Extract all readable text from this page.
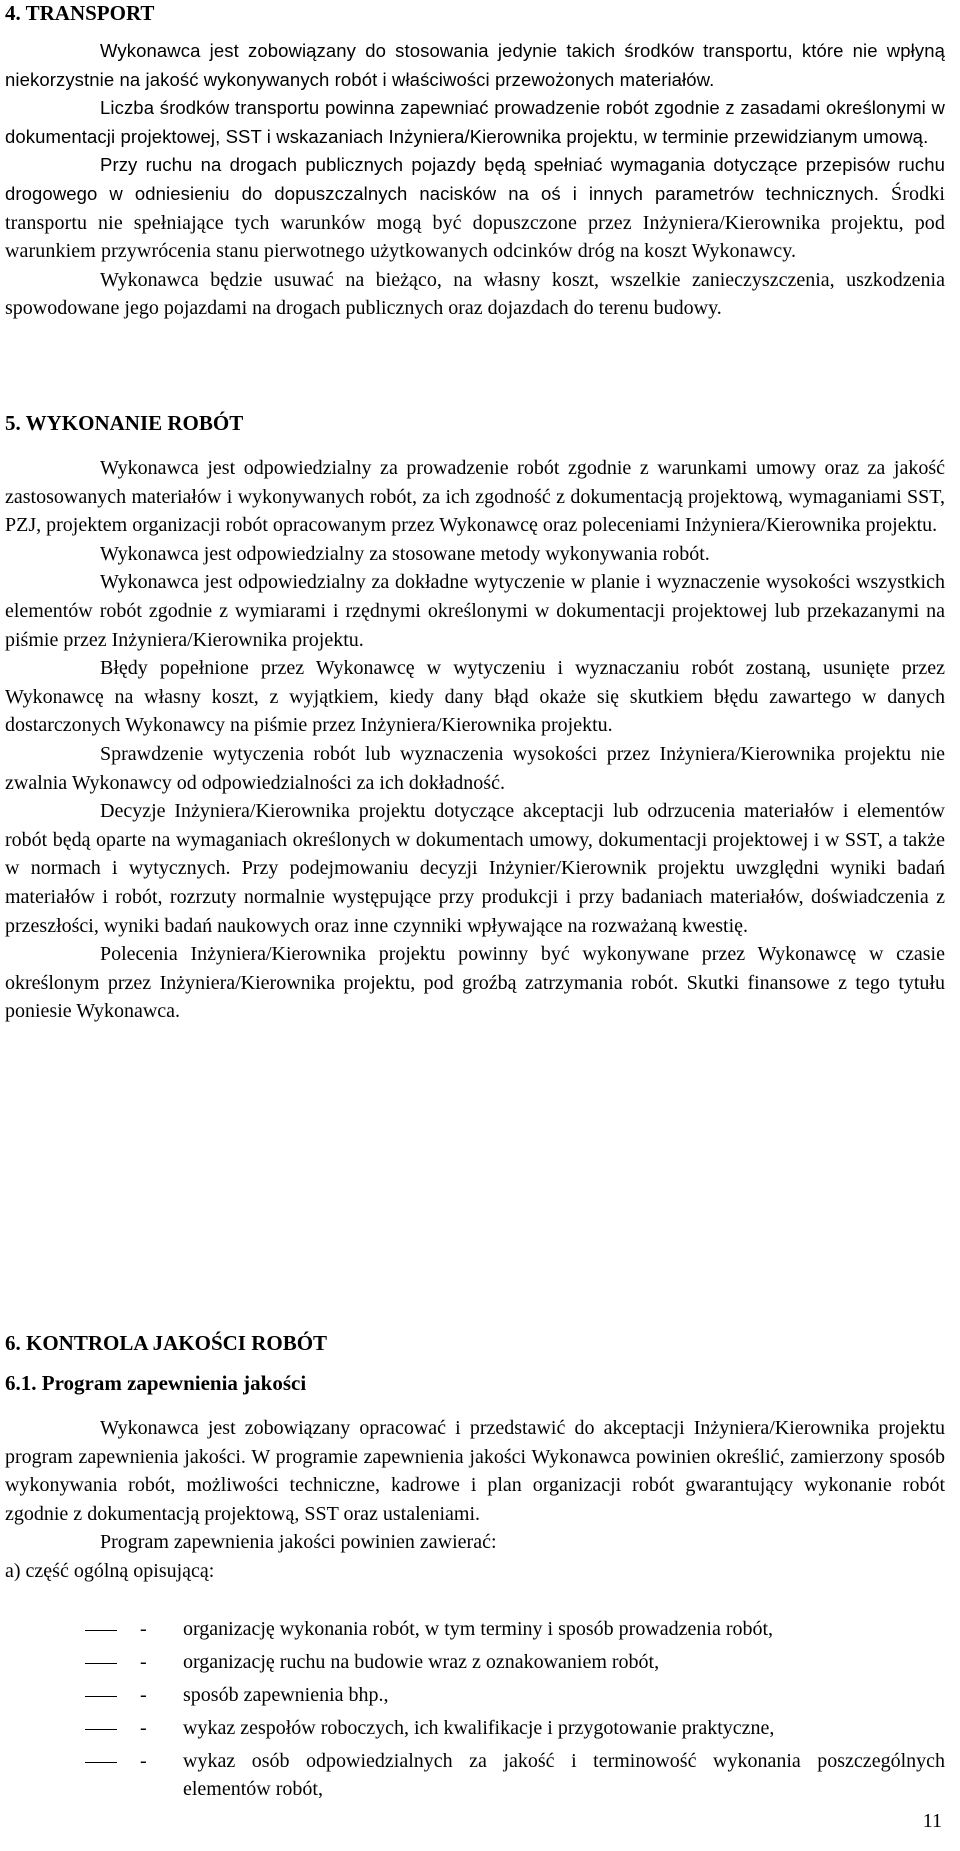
4. TRANSPORT

Wykonawca jest zobowiązany do stosowania jedynie takich środków transportu, które nie wpłyną niekorzystnie na jakość wykonywanych robót i właściwości przewożonych materiałów.

Liczba środków transportu powinna zapewniać prowadzenie robót zgodnie z zasadami określonymi w dokumentacji projektowej, SST i wskazaniach Inżyniera/Kierownika projektu, w terminie przewidzianym umową.

Przy ruchu na drogach publicznych pojazdy będą spełniać wymagania dotyczące przepisów ruchu drogowego w odniesieniu do dopuszczalnych nacisków na oś i innych parametrów technicznych. Środki transportu nie spełniające tych warunków mogą być dopuszczone przez Inżyniera/Kierownika projektu, pod warunkiem przywrócenia stanu pierwotnego użytkowanych odcinków dróg na koszt Wykonawcy.

Wykonawca będzie usuwać na bieżąco, na własny koszt, wszelkie zanieczyszczenia, uszkodzenia spowodowane jego pojazdami na drogach publicznych oraz dojazdach do terenu budowy.

5. WYKONANIE ROBÓT

Wykonawca jest odpowiedzialny za prowadzenie robót zgodnie z warunkami umowy oraz za jakość zastosowanych materiałów i wykonywanych robót, za ich zgodność z dokumentacją projektową, wymaganiami SST, PZJ, projektem organizacji robót opracowanym przez Wykonawcę oraz poleceniami Inżyniera/Kierownika projektu.

Wykonawca jest odpowiedzialny za stosowane metody wykonywania robót.

Wykonawca jest odpowiedzialny za dokładne wytyczenie w planie i wyznaczenie wysokości wszystkich elementów robót zgodnie z wymiarami i rzędnymi określonymi w dokumentacji projektowej lub przekazanymi na piśmie przez Inżyniera/Kierownika projektu.

Błędy popełnione przez Wykonawcę w wytyczeniu i wyznaczaniu robót zostaną, usunięte przez Wykonawcę na własny koszt, z wyjątkiem, kiedy dany błąd okaże się skutkiem błędu zawartego w danych dostarczonych Wykonawcy na piśmie przez Inżyniera/Kierownika projektu.

Sprawdzenie wytyczenia robót lub wyznaczenia wysokości przez Inżyniera/Kierownika projektu nie zwalnia Wykonawcy od odpowiedzialności za ich dokładność.

Decyzje Inżyniera/Kierownika projektu dotyczące akceptacji lub odrzucenia materiałów i elementów robót będą oparte na wymaganiach określonych w dokumentach umowy, dokumentacji projektowej i w SST, a także w normach i wytycznych. Przy podejmowaniu decyzji Inżynier/Kierownik projektu uwzględni wyniki badań materiałów i robót, rozrzuty normalnie występujące przy produkcji i przy badaniach materiałów, doświadczenia z przeszłości, wyniki badań naukowych oraz inne czynniki wpływające na rozważaną kwestię.

Polecenia Inżyniera/Kierownika projektu powinny być wykonywane przez Wykonawcę w czasie określonym przez Inżyniera/Kierownika projektu, pod groźbą zatrzymania robót. Skutki finansowe z tego tytułu poniesie Wykonawca.

6. KONTROLA JAKOŚCI ROBÓT
6.1. Program zapewnienia jakości

Wykonawca jest zobowiązany opracować i przedstawić do akceptacji Inżyniera/Kierownika projektu program zapewnienia jakości. W programie zapewnienia jakości Wykonawca powinien określić, zamierzony sposób wykonywania robót, możliwości techniczne, kadrowe i plan organizacji robót gwarantujący wykonanie robót zgodnie z dokumentacją projektową, SST oraz ustaleniami.

Program zapewnienia jakości powinien zawierać:

a) część ogólną opisującą:

- organizację wykonania robót, w tym terminy i sposób prowadzenia robót,
- organizację ruchu na budowie wraz z oznakowaniem robót,
- sposób zapewnienia bhp.,
- wykaz zespołów roboczych, ich kwalifikacje i przygotowanie praktyczne,
- wykaz osób odpowiedzialnych za jakość i terminowość wykonania poszczególnych elementów robót,
11
